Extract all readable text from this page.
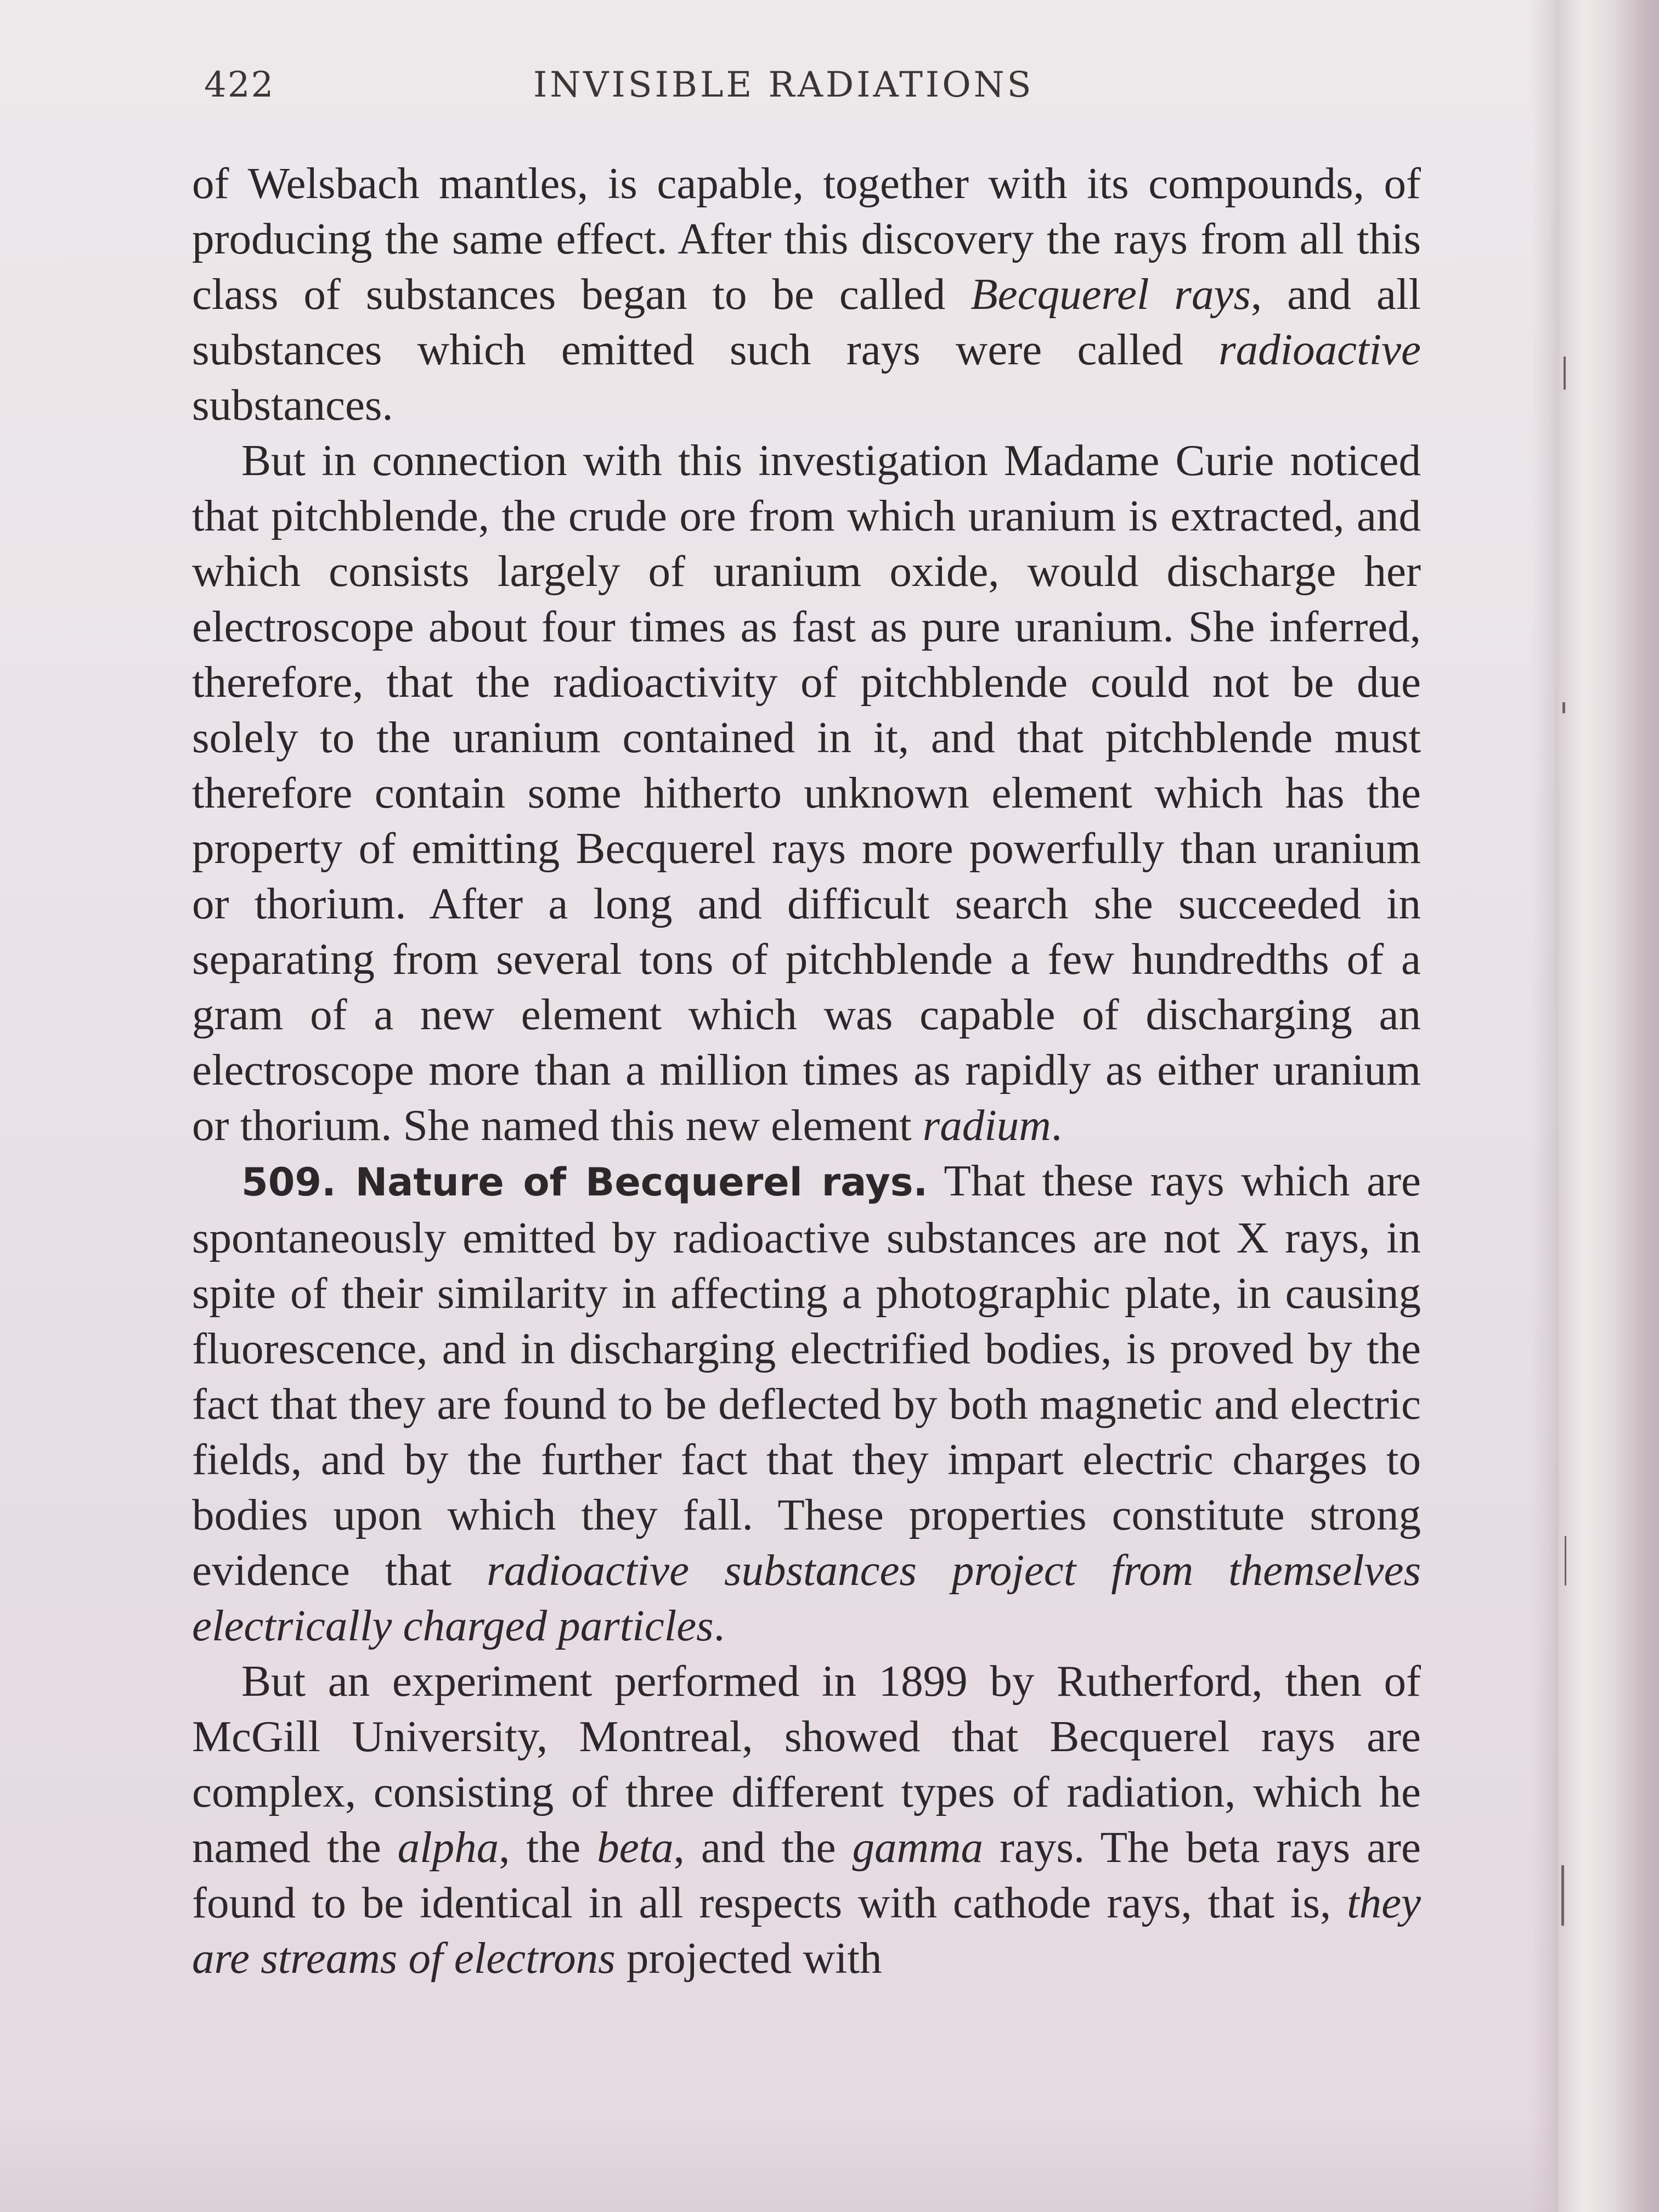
422	INVISIBLE RADIATIONS

of Welsbach mantles, is capable, together with its compounds, of producing the same effect. After this discovery the rays from all this class of substances began to be called Becquerel rays, and all substances which emitted such rays were called radioactive substances.

But in connection with this investigation Madame Curie noticed that pitchblende, the crude ore from which uranium is extracted, and which consists largely of uranium oxide, would discharge her electroscope about four times as fast as pure uranium. She inferred, therefore, that the radioactivity of pitchblende could not be due solely to the uranium contained in it, and that pitchblende must therefore contain some hitherto unknown element which has the property of emitting Becquerel rays more powerfully than uranium or thorium. After a long and difficult search she succeeded in separating from several tons of pitchblende a few hundredths of a gram of a new element which was capable of discharging an electroscope more than a million times as rapidly as either uranium or thorium. She named this new element radium.

509. Nature of Becquerel rays. That these rays which are spontaneously emitted by radioactive substances are not X rays, in spite of their similarity in affecting a photographic plate, in causing fluorescence, and in discharging electrified bodies, is proved by the fact that they are found to be deflected by both magnetic and electric fields, and by the further fact that they impart electric charges to bodies upon which they fall. These properties constitute strong evidence that radioactive substances project from themselves electrically charged particles.

But an experiment performed in 1899 by Rutherford, then of McGill University, Montreal, showed that Becquerel rays are complex, consisting of three different types of radiation, which he named the alpha, the beta, and the gamma rays. The beta rays are found to be identical in all respects with cathode rays, that is, they are streams of electrons projected with
